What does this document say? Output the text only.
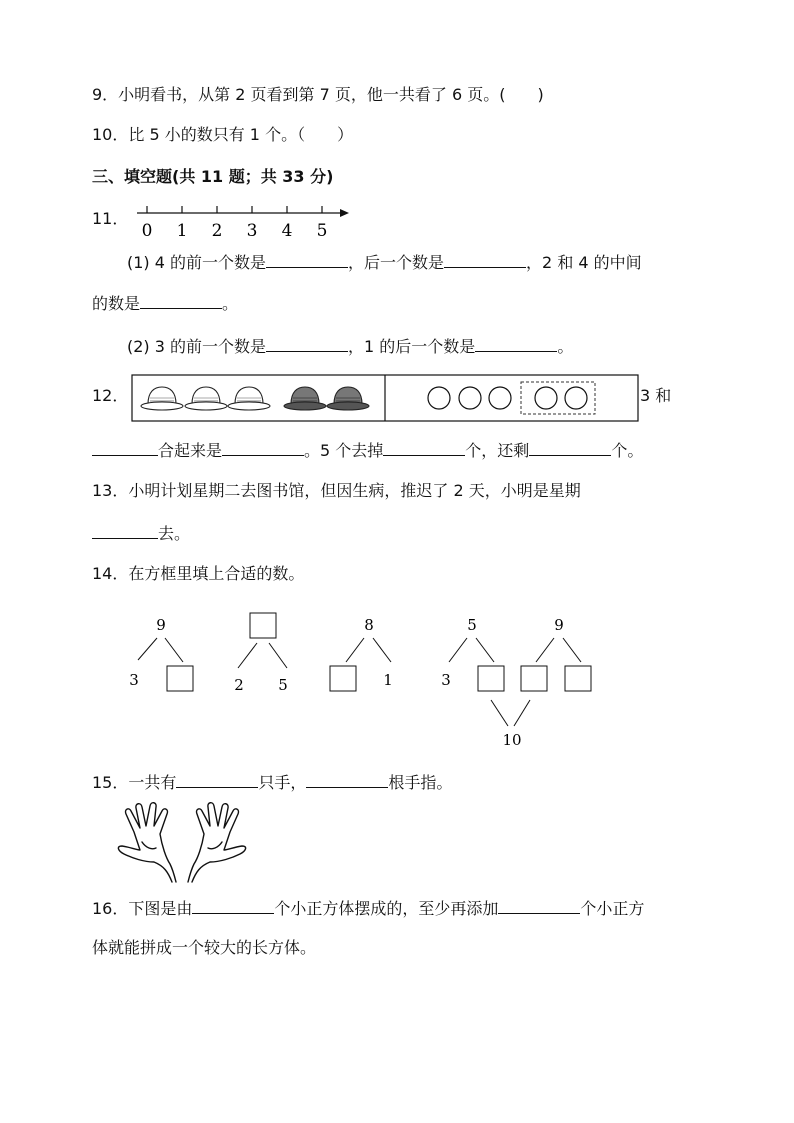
9．小明看书，从第 2 页看到第 7 页，他一共看了 6 页。(　　)
10．比 5 小的数只有 1 个。（　　）
三、填空题(共 11 题；共 33 分)
11．
0 1 2 3 4 5
(1) 4 的前一个数是	，后一个数是	，2 和 4 的中间
的数是	。
(2) 3 的前一个数是	，1 的后一个数是	。
12．	3 和
合起来是	。5 个去掉	个，还剩	个。
13．小明计划星期二去图书馆，但因生病，推迟了 2 天，小明是星期
去。
14．在方框里填上合适的数。
9
3	2 5
8
1
5
3
9
10
15．一共有	只手，	根手指。
16．下图是由	个小正方体摆成的，至少再添加	个小正方
体就能拼成一个较大的长方体。
